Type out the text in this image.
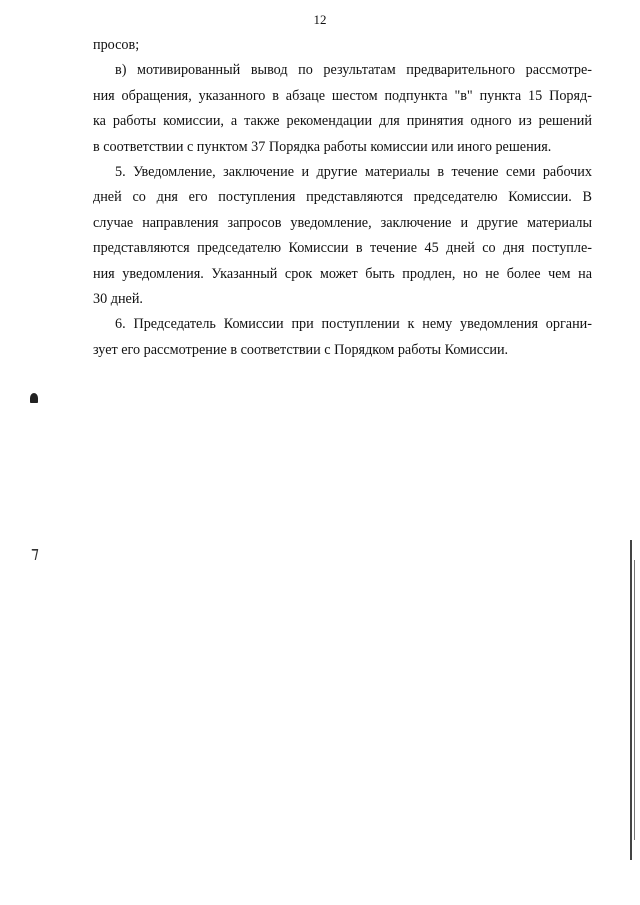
12
просов;
в) мотивированный вывод по результатам предварительного рассмотре-
ния обращения, указанного в абзаце шестом подпункта "в" пункта 15 Поряд-
ка работы комиссии, а также рекомендации для принятия одного из решений
в соответствии с пунктом 37 Порядка работы комиссии или иного решения.
5. Уведомление, заключение и другие материалы в течение семи рабочих
дней со дня его поступления представляются председателю Комиссии. В
случае направления запросов уведомление, заключение и другие материалы
представляются председателю Комиссии в течение 45 дней со дня поступле-
ния уведомления. Указанный срок может быть продлен, но не более чем на
30 дней.
6. Председатель Комиссии при поступлении к нему уведомления органи-
зует его рассмотрение в соответствии с Порядком работы Комиссии.
⁊
